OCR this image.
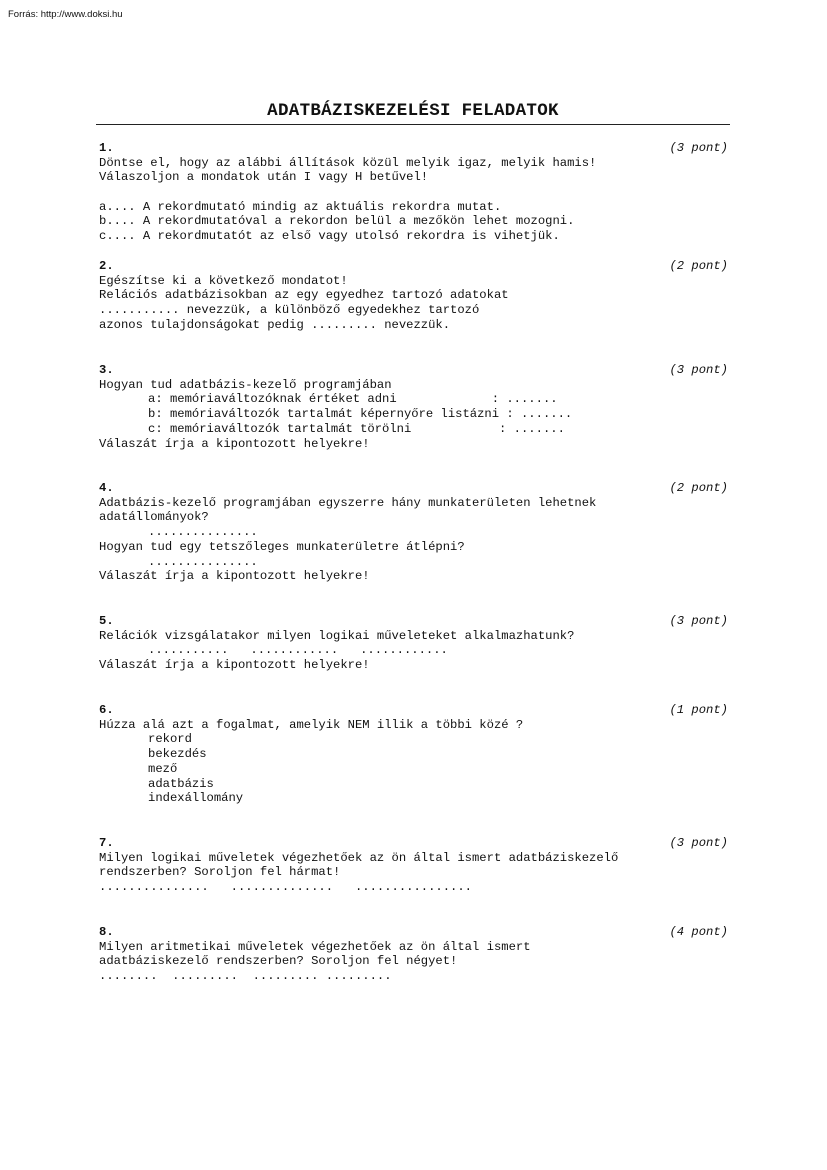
Forrás: http://www.doksi.hu
ADATBÁZISKEZELÉSI FELADATOK
1.	(3 pont)
Döntse el, hogy az alábbi állítások közül melyik igaz, melyik hamis!
Válaszoljon a mondatok után I vagy H betűvel!
a.... A rekordmutató mindig az aktuális rekordra mutat.
b.... A rekordmutatóval a rekordon belül a mezőkön lehet mozogni.
c.... A rekordmutatót az első vagy utolsó rekordra is vihetjük.
2.	(2 pont)
Egészítse ki a következő mondatot!
Relációs adatbázisokban az egy egyedhez tartozó adatokat
........... nevezzük, a különböző egyedekhez tartozó
azonos tulajdonságokat pedig ......... nevezzük.
3.	(3 pont)
Hogyan tud adatbázis-kezelő programjában
a: memóriaváltozóknak értéket adni             : .......
b: memóriaváltozók tartalmát képernyőre listázni : .......
c: memóriaváltozók tartalmát törölni            : .......
Válaszát írja a kipontozott helyekre!
4.	(2 pont)
Adatbázis-kezelő programjában egyszerre hány munkaterületen lehetnek
adatállományok?
...............
Hogyan tud egy tetszőleges munkaterületre átlépni?
...............
Válaszát írja a kipontozott helyekre!
5.	(3 pont)
Relációk vizsgálatakor milyen logikai műveleteket alkalmazhatunk?
...........   ............   ............
Válaszát írja a kipontozott helyekre!
6.	(1 pont)
Húzza alá azt a fogalmat, amelyik NEM illik a többi közé ?
rekord
bekezdés
mező
adatbázis
indexállomány
7.	(3 pont)
Milyen logikai műveletek végezhetőek az ön által ismert adatbáziskezelő
rendszerben? Soroljon fel hármat!
...............   ..............   ................
8.	(4 pont)
Milyen aritmetikai műveletek végezhetőek az ön által ismert
adatbáziskezelő rendszerben? Soroljon fel négyet!
........  .........  ......... .........
